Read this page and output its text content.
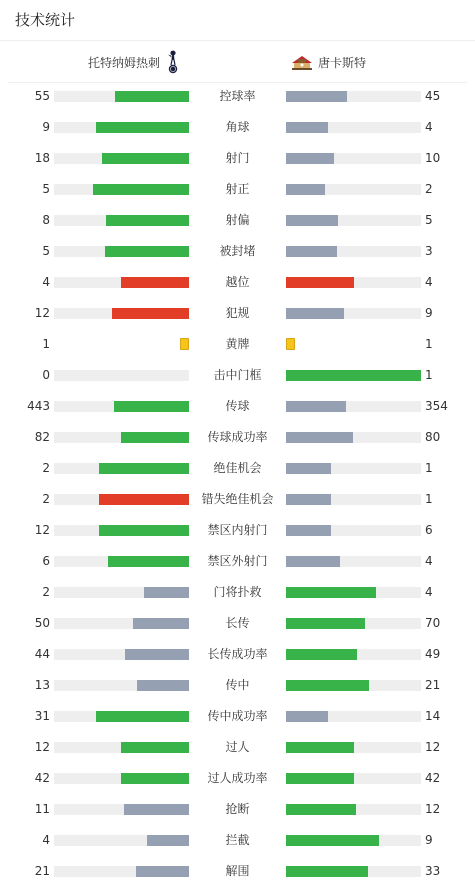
技术统计
托特纳姆热刺	唐卡斯特
55	控球率	45
9	角球	4
18	射门	10
5	射正	2
8	射偏	5
5	被封堵	3
4	越位	4
12	犯规	9
1	黄牌	1
0	击中门框	1
443	传球	354
82	传球成功率	80
2	绝佳机会	1
2	错失绝佳机会	1
12	禁区内射门	6
6	禁区外射门	4
2	门将扑救	4
50	长传	70
44	长传成功率	49
13	传中	21
31	传中成功率	14
12	过人	12
42	过人成功率	42
11	抢断	12
4	拦截	9
21	解围	33
